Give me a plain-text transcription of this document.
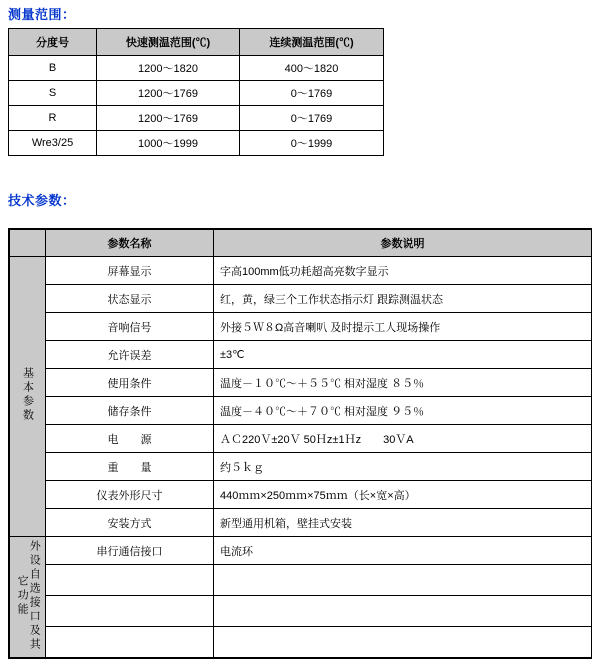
测量范围：
分度号	快速测温范围(℃)	连续测温范围(℃)
B	1200～1820	400～1820
S	1200～1769	0～1769
R	1200～1769	0～1769
Wre3/25	1000～1999	0～1999
技术参数：
	参数名称	参数说明
基本参数	屏幕显示	字高100mm低功耗超高亮数字显示
	状态显示	红，黄，绿三个工作状态指示灯 跟踪测温状态
	音响信号	外接５Ｗ８Ω高音喇叭 及时提示工人现场操作
	允许误差	±3℃
	使用条件	温度－１０℃～＋５５℃ 相对湿度 ８５％
	储存条件	温度－４０℃～＋７０℃ 相对湿度 ９５％
	电　　源	ＡＣ220Ｖ±20Ｖ 50Ｈz±1Ｈz　　30ＶA
	重　　量	约５ｋｇ
	仪表外形尺寸	440ｍｍ×250ｍｍ×75ｍｍ（长×宽×高）
	安装方式	新型通用机箱，壁挂式安装
外设自选接口及其它功能	串行通信接口	电流环
